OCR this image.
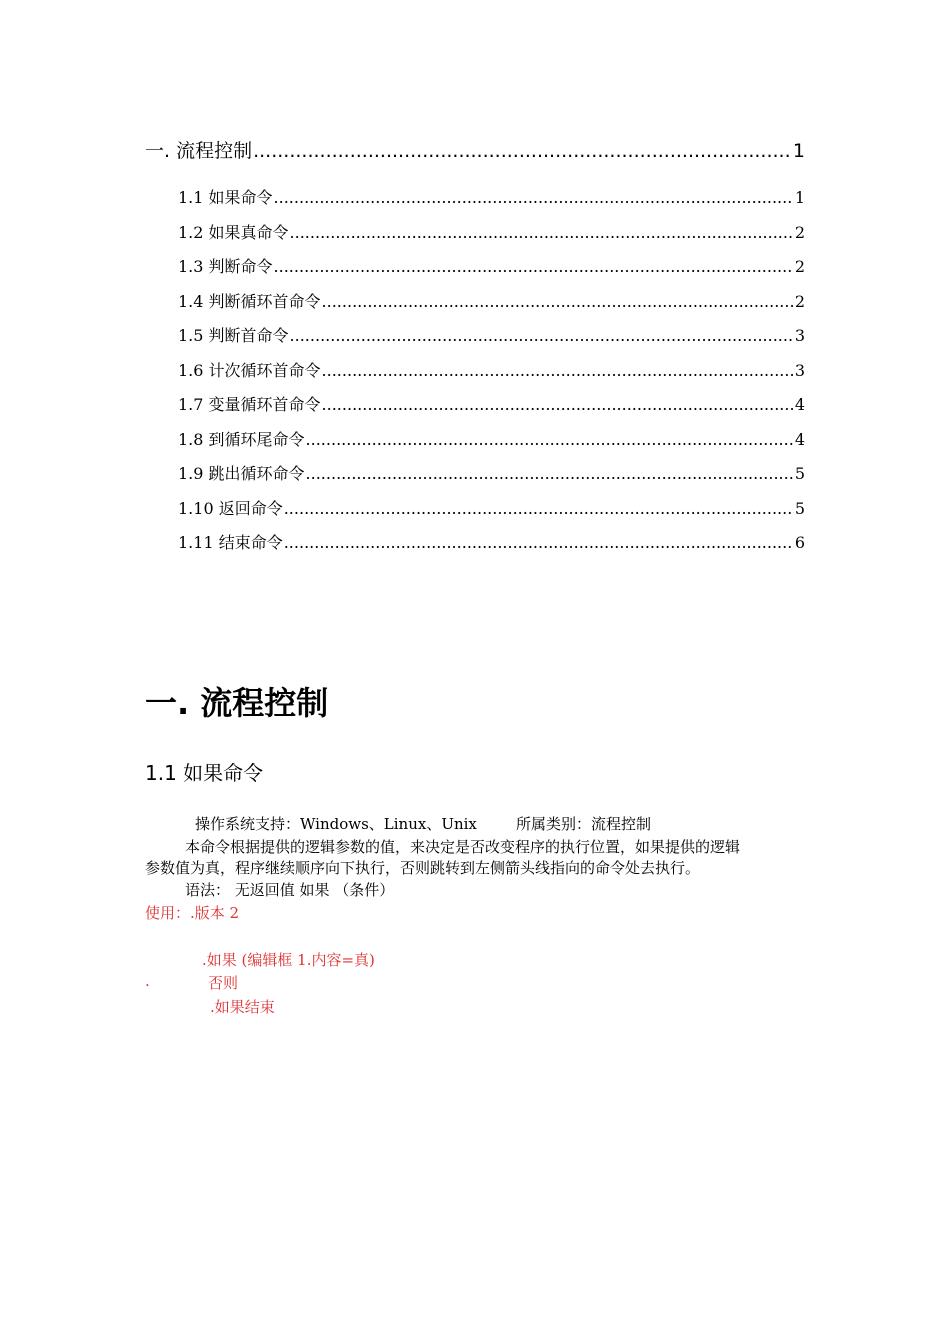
一. 流程控制 .....	1
1.1 如果命令 .....	1
1.2 如果真命令 .....	2
1.3 判断命令 .....	2
1.4 判断循环首命令 .....	2
1.5 判断首命令 .....	3
1.6 计次循环首命令 .....	3
1.7 变量循环首命令 .....	4
1.8 到循环尾命令 .....	4
1.9 跳出循环命令 .....	5
1.10 返回命令 .....	5
1.11 结束命令 .....	6
一. 流程控制
1.1 如果命令
操作系统支持：Windows、Linux、Unix	所属类别：流程控制
本命令根据提供的逻辑参数的值，来决定是否改变程序的执行位置，如果提供的逻辑
参数值为真，程序继续顺序向下执行，否则跳转到左侧箭头线指向的命令处去执行。
语法： 无返回值 如果 （条件）
使用：.版本 2
.如果 (编辑框 1.内容=真)
.	否则
.如果结束
